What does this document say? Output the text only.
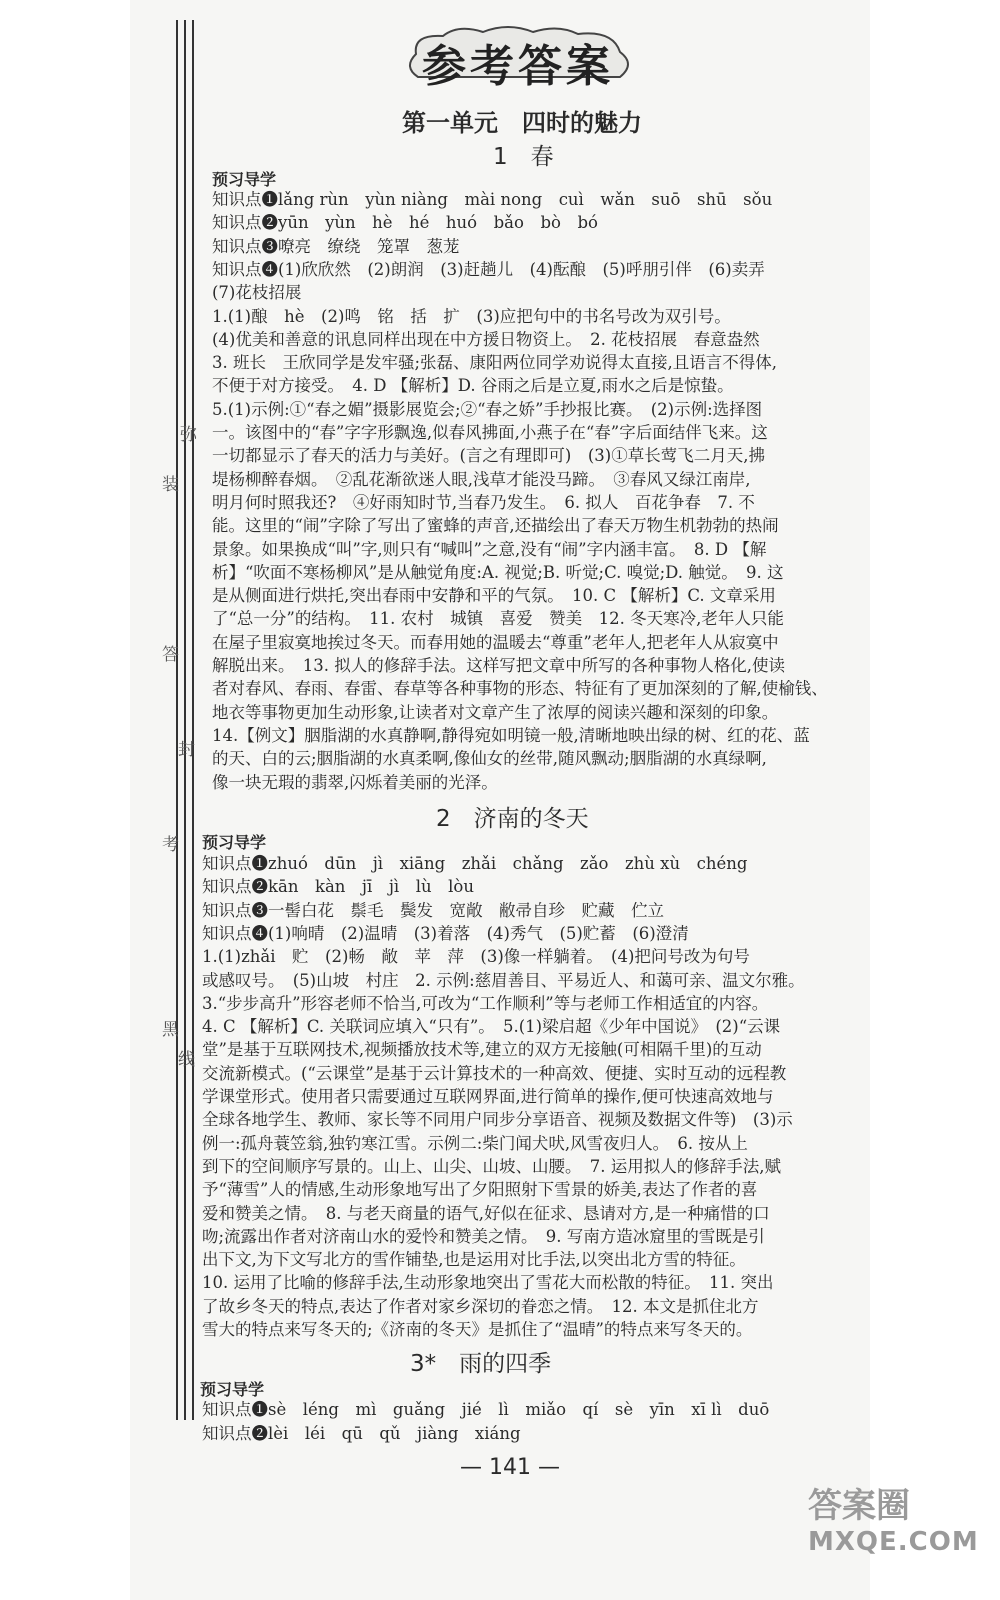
弥
装
答
封
考
黑
线
参考答案
第一单元　四时的魅力
1　春
预习导学
知识点❶lǎng rùn　yùn niàng　mài nong　cuì　wǎn　suō　shū　sǒu
知识点❷yūn　yùn　hè　hé　huó　bǎo　bò　bó
知识点❸嘹亮　缭绕　笼罩　葱茏
知识点❹(1)欣欣然　(2)朗润　(3)赶趟儿　(4)酝酿　(5)呼朋引伴　(6)卖弄
(7)花枝招展
1.(1)酿　hè　(2)鸣　铭　括　扩　(3)应把句中的书名号改为双引号。
(4)优美和善意的讯息同样出现在中方援日物资上。　2. 花枝招展　春意盎然
3. 班长　王欣同学是发牢骚;张磊、康阳两位同学劝说得太直接,且语言不得体,
不便于对方接受。　4. D 【解析】D. 谷雨之后是立夏,雨水之后是惊蛰。
5.(1)示例:①“春之媚”摄影展览会;②“春之娇”手抄报比赛。　(2)示例:选择图
一。该图中的“春”字字形飘逸,似春风拂面,小燕子在“春”字后面结伴飞来。这
一切都显示了春天的活力与美好。(言之有理即可)　(3)①草长莺飞二月天,拂
堤杨柳醉春烟。　②乱花渐欲迷人眼,浅草才能没马蹄。　③春风又绿江南岸,
明月何时照我还?　④好雨知时节,当春乃发生。　6. 拟人　百花争春　7. 不
能。这里的“闹”字除了写出了蜜蜂的声音,还描绘出了春天万物生机勃勃的热闹
景象。如果换成“叫”字,则只有“喊叫”之意,没有“闹”字内涵丰富。　8. D 【解
析】“吹面不寒杨柳风”是从触觉角度:A. 视觉;B. 听觉;C. 嗅觉;D. 触觉。　9. 这
是从侧面进行烘托,突出春雨中安静和平的气氛。　10. C 【解析】C. 文章采用
了“总一分”的结构。　11. 农村　城镇　喜爱　赞美　12. 冬天寒冷,老年人只能
在屋子里寂寞地挨过冬天。而春用她的温暖去“尊重”老年人,把老年人从寂寞中
解脱出来。　13. 拟人的修辞手法。这样写把文章中所写的各种事物人格化,使读
者对春风、春雨、春雷、春草等各种事物的形态、特征有了更加深刻的了解,使榆钱、
地衣等事物更加生动形象,让读者对文章产生了浓厚的阅读兴趣和深刻的印象。
14.【例文】胭脂湖的水真静啊,静得宛如明镜一般,清晰地映出绿的树、红的花、蓝
的天、白的云;胭脂湖的水真柔啊,像仙女的丝带,随风飘动;胭脂湖的水真绿啊,
像一块无瑕的翡翠,闪烁着美丽的光泽。
2　济南的冬天
预习导学
知识点❶zhuó　dūn　jì　xiāng　zhǎi　chǎng　zǎo　zhù xù　chéng
知识点❷kān　kàn　jī　jì　lù　lòu
知识点❸一髻白花　鬃毛　鬓发　宽敞　敝帚自珍　贮藏　伫立
知识点❹(1)响晴　(2)温晴　(3)着落　(4)秀气　(5)贮蓄　(6)澄清
1.(1)zhǎi　贮　(2)畅　敞　苹　萍　(3)像一样躺着。　(4)把问号改为句号
或感叹号。　(5)山坡　村庄　2. 示例:慈眉善目、平易近人、和蔼可亲、温文尔雅。
3.“步步高升”形容老师不恰当,可改为“工作顺利”等与老师工作相适宜的内容。
4. C 【解析】C. 关联词应填入“只有”。　5.(1)梁启超《少年中国说》　(2)“云课
堂”是基于互联网技术,视频播放技术等,建立的双方无接触(可相隔千里)的互动
交流新模式。(“云课堂”是基于云计算技术的一种高效、便捷、实时互动的远程教
学课堂形式。使用者只需要通过互联网界面,进行简单的操作,便可快速高效地与
全球各地学生、教师、家长等不同用户同步分享语音、视频及数据文件等)　(3)示
例一:孤舟蓑笠翁,独钓寒江雪。示例二:柴门闻犬吠,风雪夜归人。　6. 按从上
到下的空间顺序写景的。山上、山尖、山坡、山腰。　7. 运用拟人的修辞手法,赋
予“薄雪”人的情感,生动形象地写出了夕阳照射下雪景的娇美,表达了作者的喜
爱和赞美之情。　8. 与老天商量的语气,好似在征求、恳请对方,是一种痛惜的口
吻;流露出作者对济南山水的爱怜和赞美之情。　9. 写南方造冰窟里的雪既是引
出下文,为下文写北方的雪作铺垫,也是运用对比手法,以突出北方雪的特征。
10. 运用了比喻的修辞手法,生动形象地突出了雪花大而松散的特征。　11. 突出
了故乡冬天的特点,表达了作者对家乡深切的眷恋之情。　12. 本文是抓住北方
雪大的特点来写冬天的;《济南的冬天》是抓住了“温晴”的特点来写冬天的。
3*　雨的四季
预习导学
知识点❶sè　léng　mì　guǎng　jié　lì　miǎo　qí　sè　yīn　xī lì　duō
知识点❷lèi　léi　qū　qǔ　jiàng　xiáng
— 141 —
答案圈
MXQE.COM
